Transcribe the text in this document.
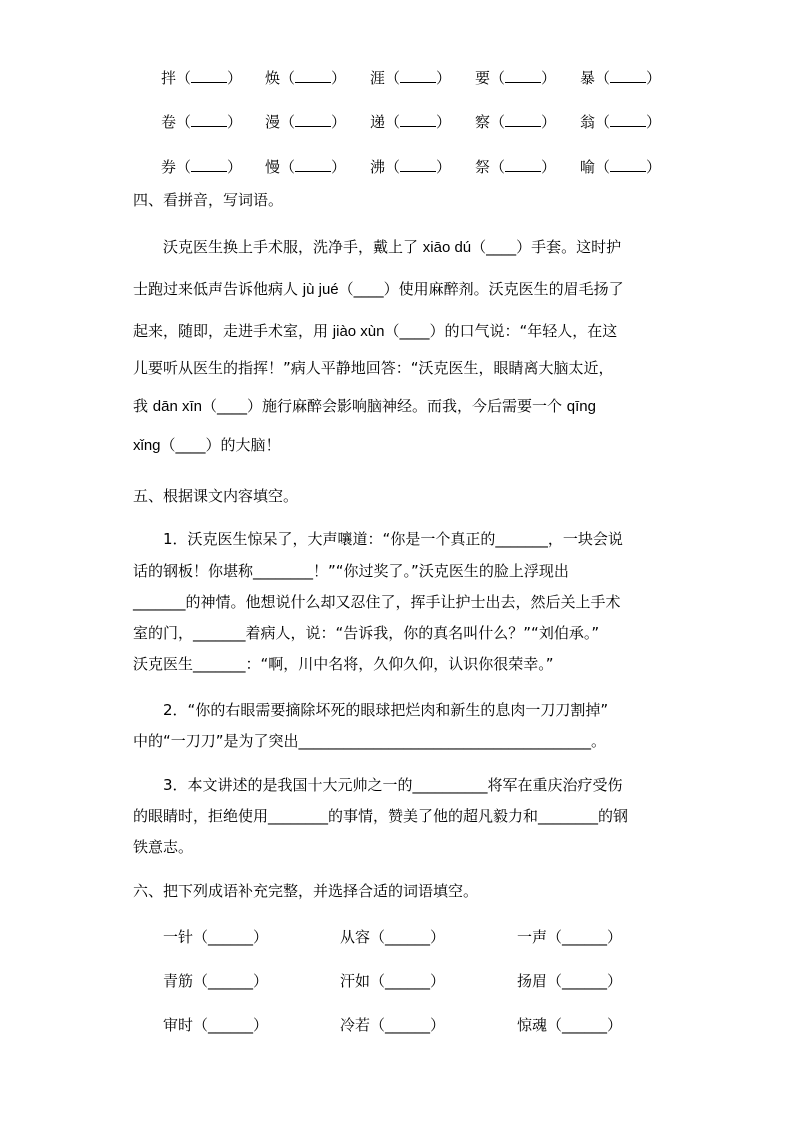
拌（ ） 焕（ ） 涯（ ） 要（ ） 暴（ ）
卷（ ） 漫（ ） 递（ ） 察（ ） 翁（ ）
券（ ） 慢（ ） 沸（ ） 祭（ ） 喻（ ）
四、看拼音，写词语。
沃克医生换上手术服，洗净手，戴上了 xiāo dú（____）手套。这时护
士跑过来低声告诉他病人 jù jué（____）使用麻醉剂。沃克医生的眉毛扬了
起来，随即，走进手术室，用 jiào xùn（____）的口气说：“年轻人，在这
儿要听从医生的指挥！”病人平静地回答：“沃克医生，眼睛离大脑太近，
我 dān xīn（____）施行麻醉会影响脑神经。而我，今后需要一个 qīng
xǐng（____）的大脑！
五、根据课文内容填空。
1．沃克医生惊呆了，大声嚷道：“你是一个真正的_______，一块会说
话的钢板！你堪称________！”“你过奖了。”沃克医生的脸上浮现出
_______的神情。他想说什么却又忍住了，挥手让护士出去，然后关上手术
室的门，_______着病人，说：“告诉我，你的真名叫什么？”“刘伯承。”
沃克医生_______：“啊，川中名将，久仰久仰，认识你很荣幸。”
2．“你的右眼需要摘除坏死的眼球把烂肉和新生的息肉一刀刀割掉”
中的“一刀刀”是为了突出_______________________________________。
3．本文讲述的是我国十大元帅之一的__________将军在重庆治疗受伤
的眼睛时，拒绝使用________的事情，赞美了他的超凡毅力和________的钢
铁意志。
六、把下列成语补充完整，并选择合适的词语填空。
一针（______）	从容（______）	一声（______）
青筋（______）	汗如（______）	扬眉（______）
审时（______）	冷若（______）	惊魂（______）
